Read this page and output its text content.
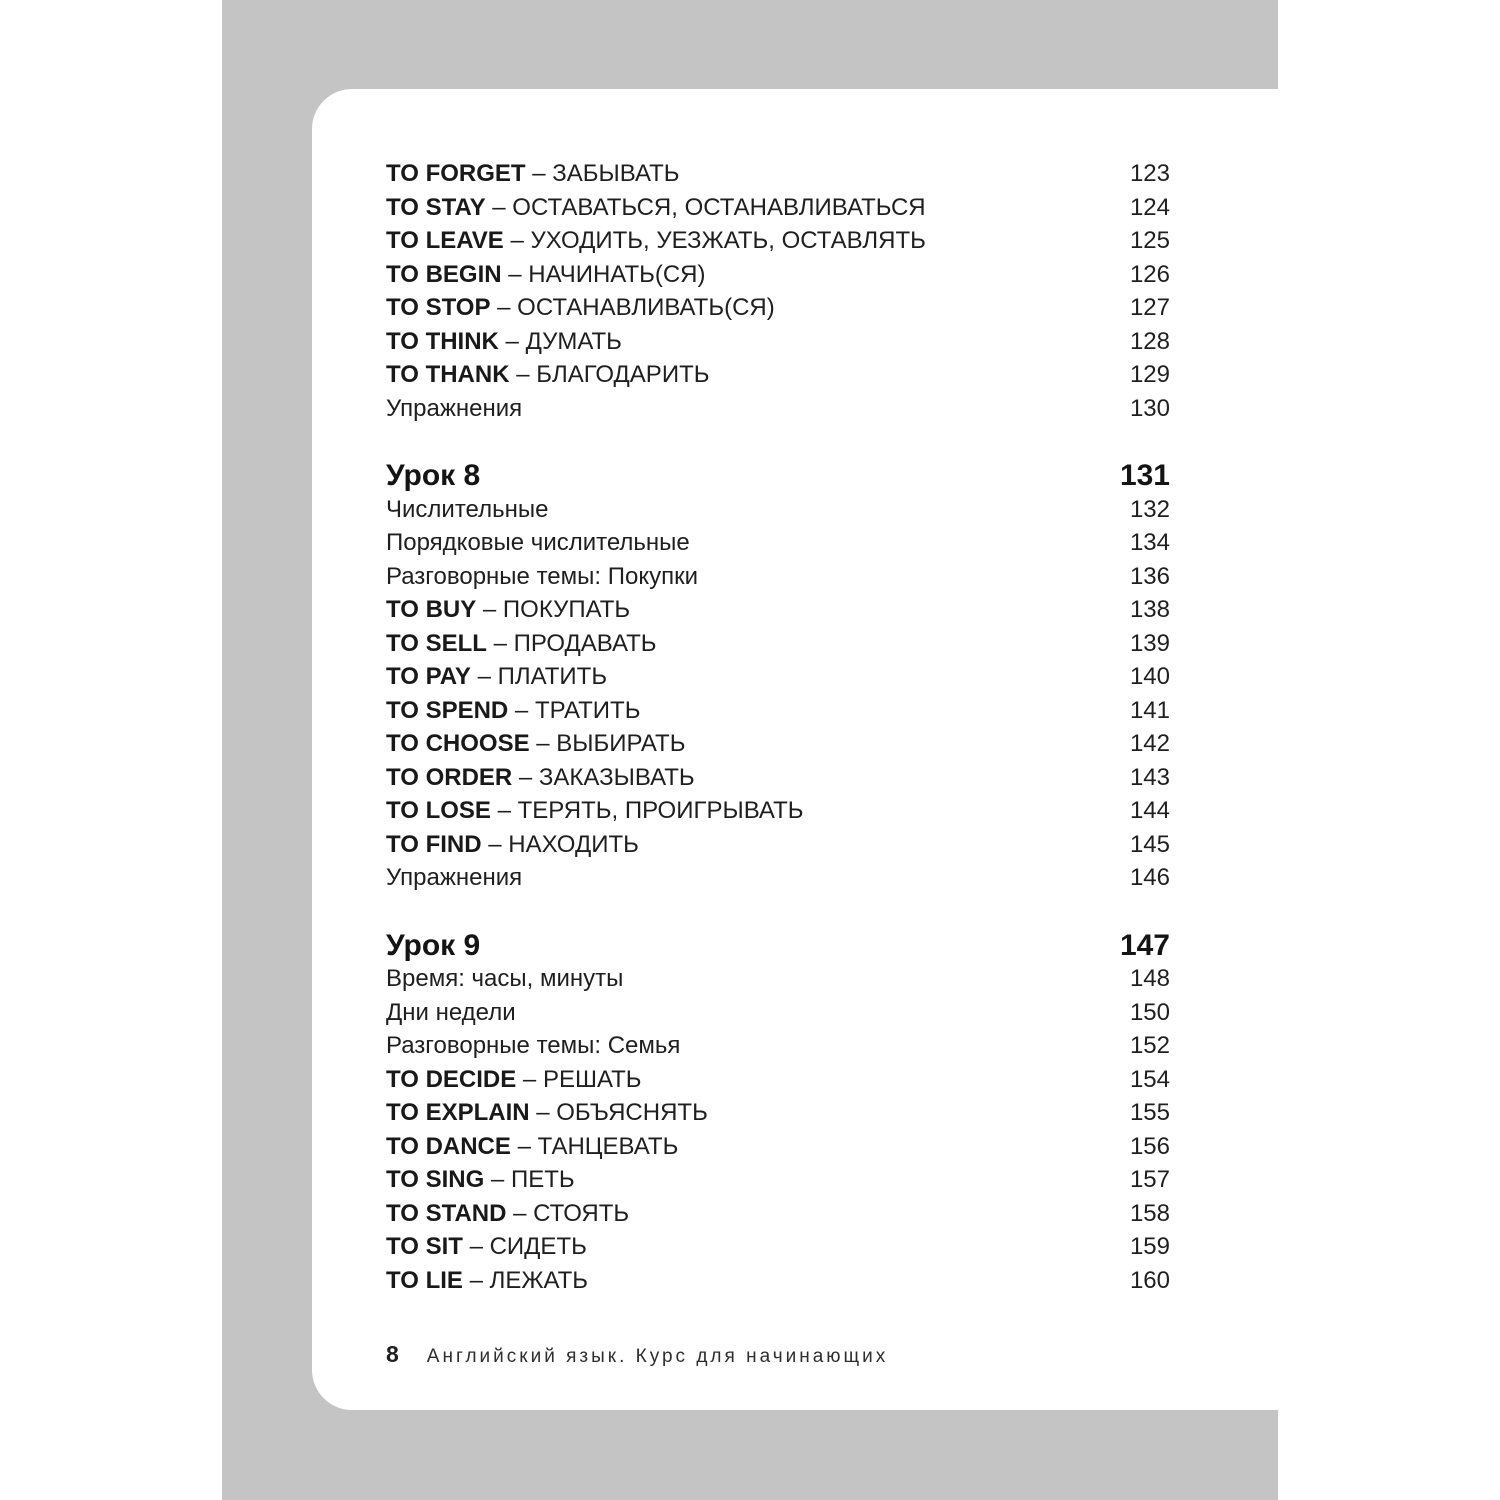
TO FORGET – ЗАБЫВАТЬ	123
TO STAY – ОСТАВАТЬСЯ, ОСТАНАВЛИВАТЬСЯ	124
TO LEAVE – УХОДИТЬ, УЕЗЖАТЬ, ОСТАВЛЯТЬ	125
TO BEGIN – НАЧИНАТЬ(СЯ)	126
TO STOP – ОСТАНАВЛИВАТЬ(СЯ)	127
TO THINK – ДУМАТЬ	128
TO THANK – БЛАГОДАРИТЬ	129
Упражнения	130
Урок 8	131
Числительные	132
Порядковые числительные	134
Разговорные темы: Покупки	136
TO BUY – ПОКУПАТЬ	138
TO SELL – ПРОДАВАТЬ	139
TO PAY – ПЛАТИТЬ	140
TO SPEND – ТРАТИТЬ	141
TO CHOOSE – ВЫБИРАТЬ	142
TO ORDER – ЗАКАЗЫВАТЬ	143
TO LOSE – ТЕРЯТЬ, ПРОИГРЫВАТЬ	144
TO FIND – НАХОДИТЬ	145
Упражнения	146
Урок 9	147
Время: часы, минуты	148
Дни недели	150
Разговорные темы: Семья	152
TO DECIDE – РЕШАТЬ	154
TO EXPLAIN – ОБЪЯСНЯТЬ	155
TO DANCE – ТАНЦЕВАТЬ	156
TO SING – ПЕТЬ	157
TO STAND – СТОЯТЬ	158
TO SIT – СИДЕТЬ	159
TO LIE – ЛЕЖАТЬ	160
8 Английский язык. Курс для начинающих
